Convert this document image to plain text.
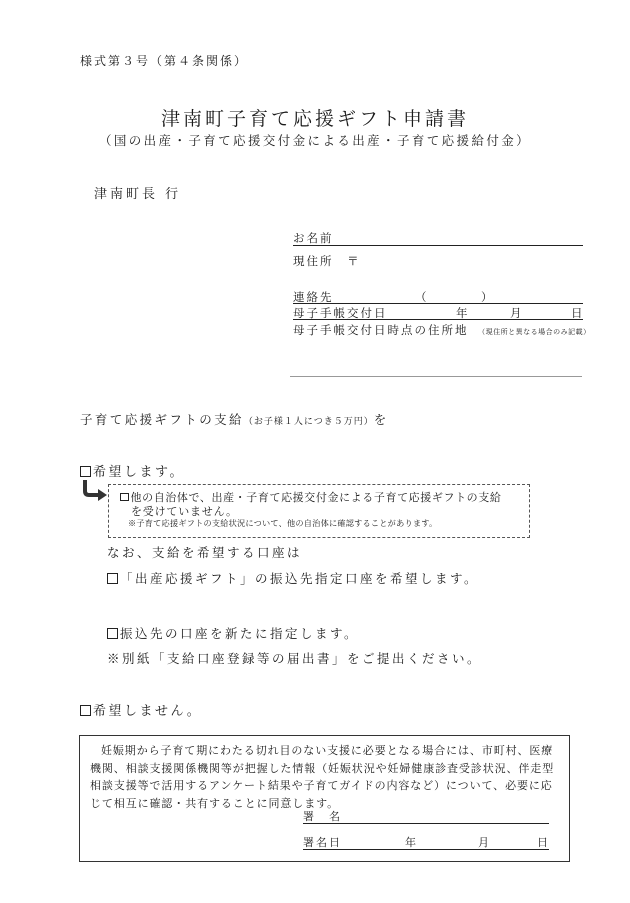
様式第３号（第４条関係）
津南町子育て応援ギフト申請書
（国の出産・子育て応援交付金による出産・子育て応援給付金）
津南町長 行
お名前
現住所 〒
連絡先	（	）
母子手帳交付日	年	月	日
母子手帳交付日時点の住所地 （現住所と異なる場合のみ記載）
子育て応援ギフトの支給（お子様１人につき５万円）を
希望します。
他の自治体で、出産・子育て応援交付金による子育て応援ギフトの支給
を受けていません。
※子育て応援ギフトの支給状況について、他の自治体に確認することがあります。
なお、支給を希望する口座は
「出産応援ギフト」の振込先指定口座を希望します。
振込先の口座を新たに指定します。
※別紙「支給口座登録等の届出書」をご提出ください。
希望しません。
妊娠期から子育て期にわたる切れ目のない支援に必要となる場合には、市町村、医療機関、相談支援関係機関等が把握した情報（妊娠状況や妊婦健康診査受診状況、伴走型相談支援等で活用するアンケート結果や子育てガイドの内容など）について、必要に応じて相互に確認・共有することに同意します。
署　名
署名日	年	月	日
